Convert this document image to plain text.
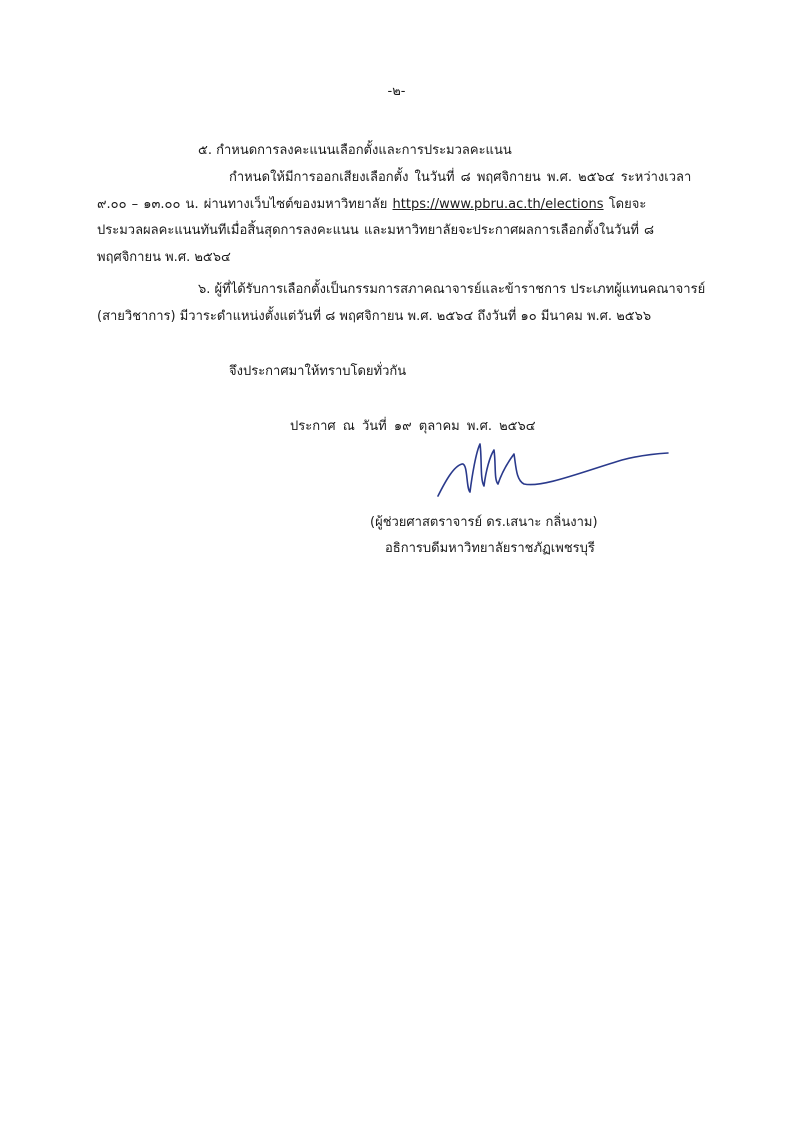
-๒-
๕. กำหนดการลงคะแนนเลือกตั้งและการประมวลคะแนน
กำหนดให้มีการออกเสียงเลือกตั้ง ในวันที่ ๘ พฤศจิกายน พ.ศ. ๒๕๖๔ ระหว่างเวลา
๙.๐๐ – ๑๓.๐๐ น. ผ่านทางเว็บไซต์ของมหาวิทยาลัย https://www.pbru.ac.th/elections โดยจะ
ประมวลผลคะแนนทันทีเมื่อสิ้นสุดการลงคะแนน และมหาวิทยาลัยจะประกาศผลการเลือกตั้งในวันที่ ๘
พฤศจิกายน พ.ศ. ๒๕๖๔
๖. ผู้ที่ได้รับการเลือกตั้งเป็นกรรมการสภาคณาจารย์และข้าราชการ ประเภทผู้แทนคณาจารย์
(สายวิชาการ) มีวาระดำแหน่งตั้งแต่วันที่ ๘ พฤศจิกายน พ.ศ. ๒๕๖๔ ถึงวันที่ ๑๐ มีนาคม พ.ศ. ๒๕๖๖
จึงประกาศมาให้ทราบโดยทั่วกัน
ประกาศ ณ วันที่ ๑๙ ตุลาคม พ.ศ. ๒๕๖๔
(ผู้ช่วยศาสตราจารย์ ดร.เสนาะ กลิ่นงาม)
อธิการบดีมหาวิทยาลัยราชภัฏเพชรบุรี
